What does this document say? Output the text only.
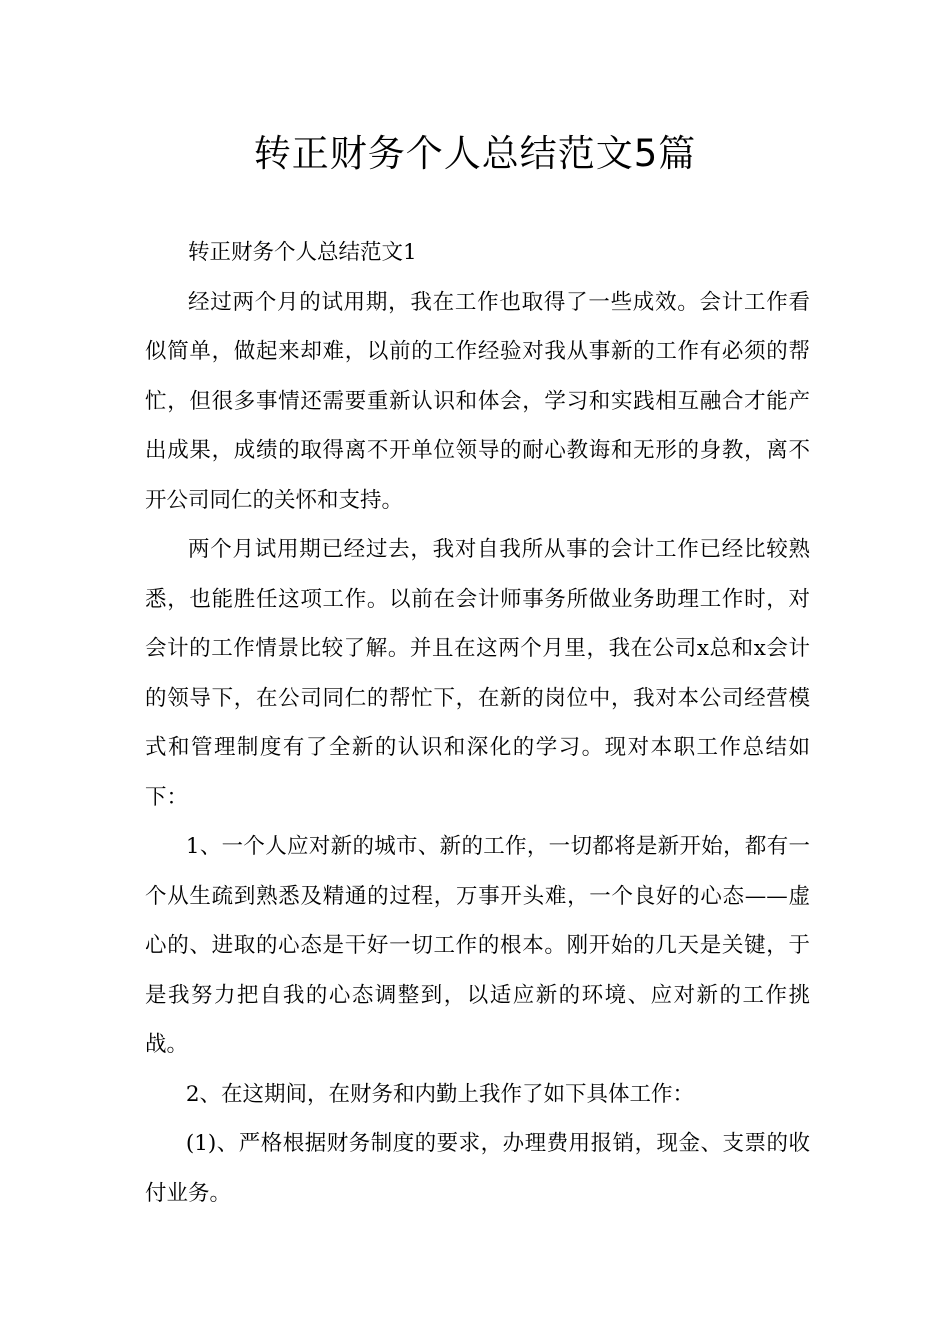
转正财务个人总结范文5篇

转正财务个人总结范文1

经过两个月的试用期，我在工作也取得了一些成效。会计工作看似简单，做起来却难，以前的工作经验对我从事新的工作有必须的帮忙，但很多事情还需要重新认识和体会，学习和实践相互融合才能产出成果，成绩的取得离不开单位领导的耐心教诲和无形的身教，离不开公司同仁的关怀和支持。

两个月试用期已经过去，我对自我所从事的会计工作已经比较熟悉，也能胜任这项工作。以前在会计师事务所做业务助理工作时，对会计的工作情景比较了解。并且在这两个月里，我在公司x总和x会计的领导下，在公司同仁的帮忙下，在新的岗位中，我对本公司经营模式和管理制度有了全新的认识和深化的学习。现对本职工作总结如下：

1、一个人应对新的城市、新的工作，一切都将是新开始，都有一个从生疏到熟悉及精通的过程，万事开头难，一个良好的心态——虚心的、进取的心态是干好一切工作的根本。刚开始的几天是关键，于是我努力把自我的心态调整到，以适应新的环境、应对新的工作挑战。

2、在这期间，在财务和内勤上我作了如下具体工作：

(1)、严格根据财务制度的要求，办理费用报销，现金、支票的收付业务。
